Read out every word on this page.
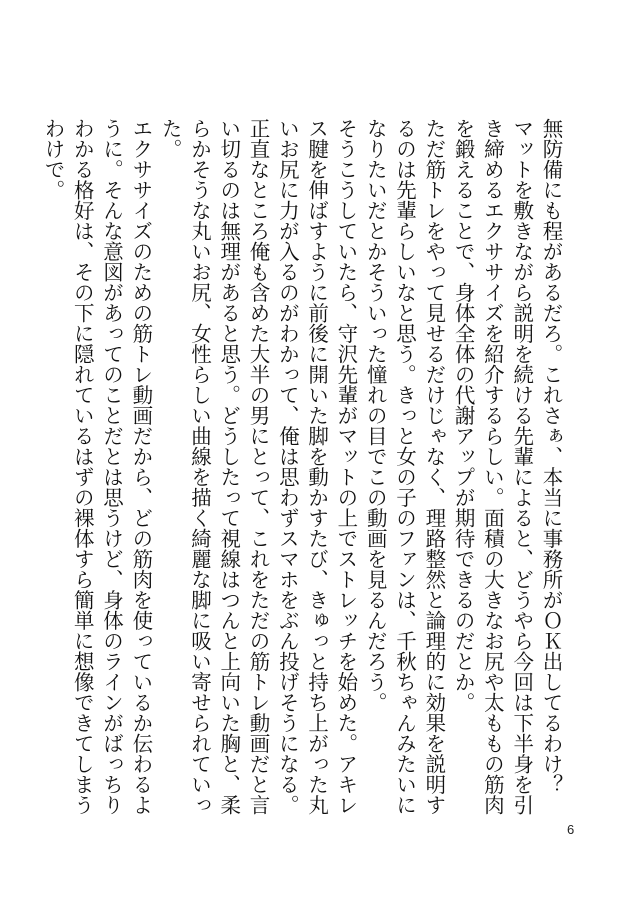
無防備にも程があるだろ。これさぁ、本当に事務所がＯＫ出してるわけ？

マットを敷きながら説明を続ける先輩によると、どうやら今回は下半身を引き締めるエクササイズを紹介するらしい。面積の大きなお尻や太ももの筋肉を鍛えることで、身体全体の代謝アップが期待できるのだとか。

ただ筋トレをやって見せるだけじゃなく、理路整然と論理的に効果を説明するのは先輩らしいなと思う。きっと女の子のファンは、千秋ちゃんみたいになりたいだとかそういった憧れの目でこの動画を見るんだろう。

そうこうしていたら、守沢先輩がマットの上でストレッチを始めた。アキレス腱を伸ばすように前後に開いた脚を動かすたび、きゅっと持ち上がった丸いお尻に力が入るのがわかって、俺は思わずスマホをぶん投げそうになる。

正直なところ俺も含めた大半の男にとって、これをただの筋トレ動画だと言い切るのは無理があると思う。どうしたって視線はつんと上向いた胸と、柔らかそうな丸いお尻、女性らしい曲線を描く綺麗な脚に吸い寄せられていった。

エクササイズのための筋トレ動画だから、どの筋肉を使っているか伝わるように。そんな意図があってのことだとは思うけど、身体のラインがばっちりわかる格好は、その下に隠れているはずの裸体すら簡単に想像できてしまうわけで。

6
